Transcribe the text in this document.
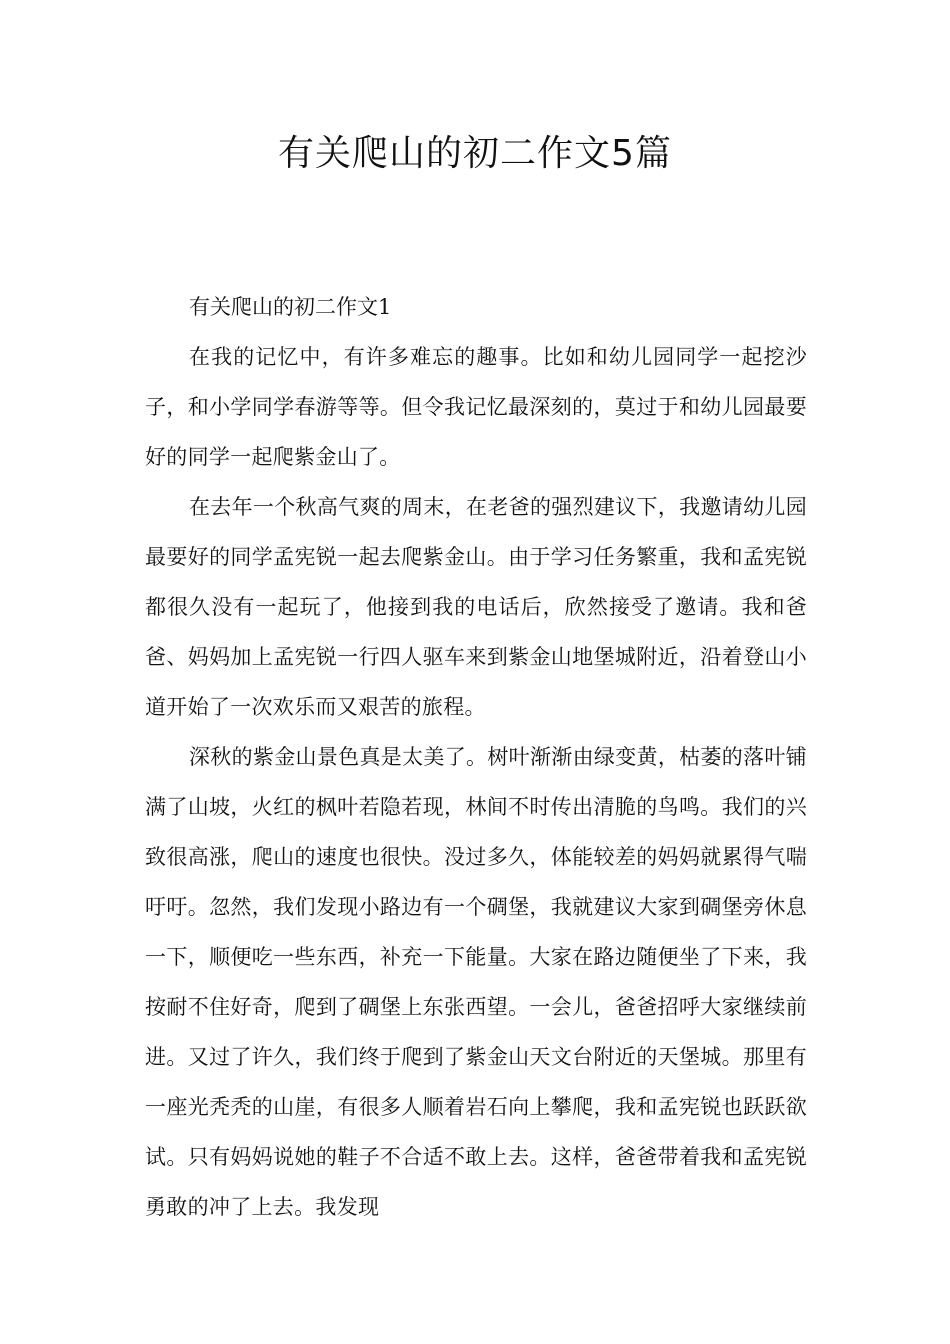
有关爬山的初二作文5篇

有关爬山的初二作文1

在我的记忆中，有许多难忘的趣事。比如和幼儿园同学一起挖沙子，和小学同学春游等等。但令我记忆最深刻的，莫过于和幼儿园最要好的同学一起爬紫金山了。

在去年一个秋高气爽的周末，在老爸的强烈建议下，我邀请幼儿园最要好的同学孟宪锐一起去爬紫金山。由于学习任务繁重，我和孟宪锐都很久没有一起玩了，他接到我的电话后，欣然接受了邀请。我和爸爸、妈妈加上孟宪锐一行四人驱车来到紫金山地堡城附近，沿着登山小道开始了一次欢乐而又艰苦的旅程。

深秋的紫金山景色真是太美了。树叶渐渐由绿变黄，枯萎的落叶铺满了山坡，火红的枫叶若隐若现，林间不时传出清脆的鸟鸣。我们的兴致很高涨，爬山的速度也很快。没过多久，体能较差的妈妈就累得气喘吁吁。忽然，我们发现小路边有一个碉堡，我就建议大家到碉堡旁休息一下，顺便吃一些东西，补充一下能量。大家在路边随便坐了下来，我按耐不住好奇，爬到了碉堡上东张西望。一会儿，爸爸招呼大家继续前进。又过了许久，我们终于爬到了紫金山天文台附近的天堡城。那里有一座光秃秃的山崖，有很多人顺着岩石向上攀爬，我和孟宪锐也跃跃欲试。只有妈妈说她的鞋子不合适不敢上去。这样，爸爸带着我和孟宪锐勇敢的冲了上去。我发现
